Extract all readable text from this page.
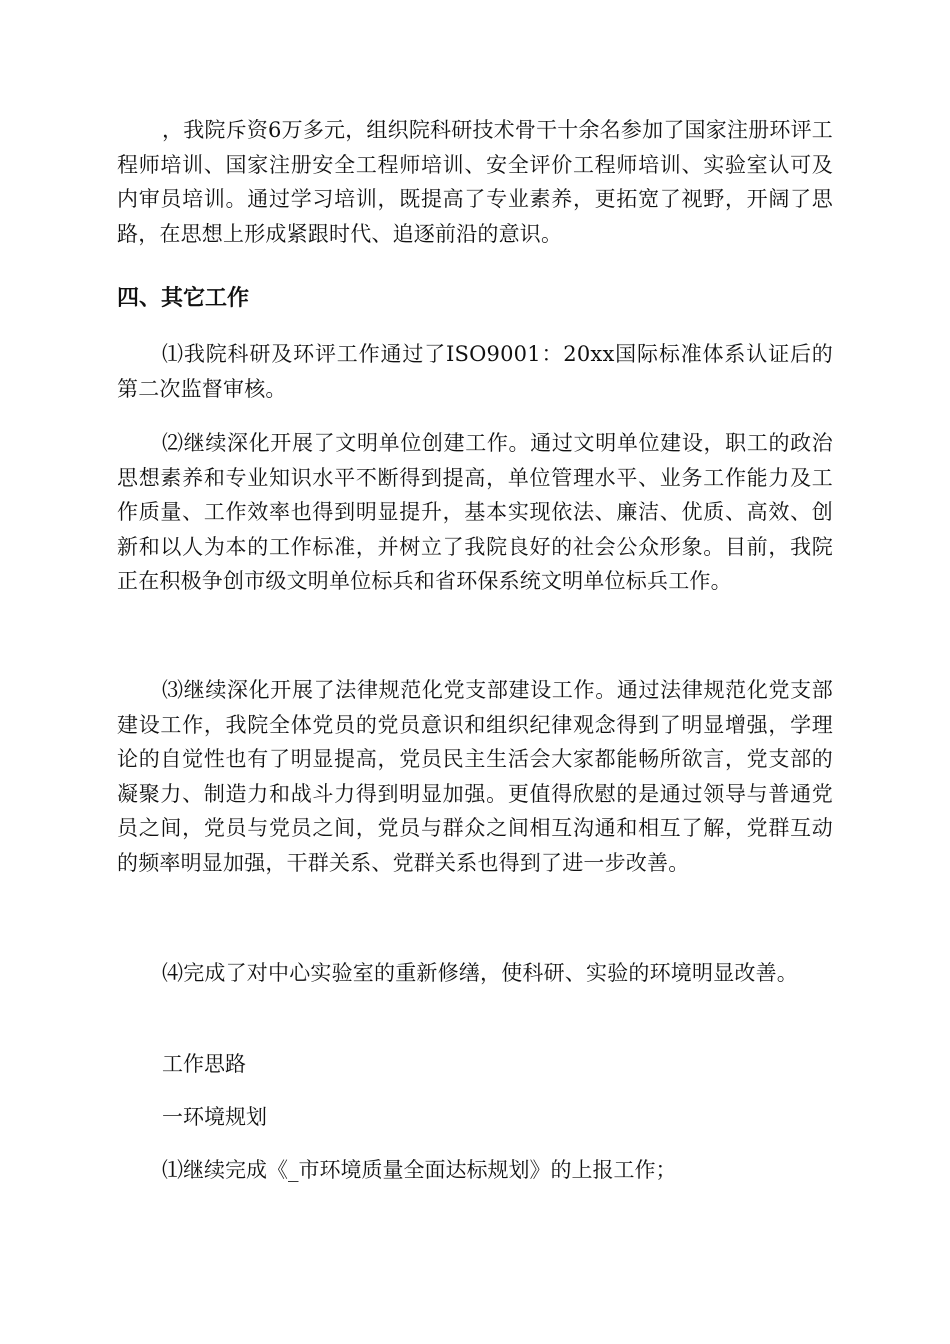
，我院斥资6万多元，组织院科研技术骨干十余名参加了国家注册环评工程师培训、国家注册安全工程师培训、安全评价工程师培训、实验室认可及内审员培训。通过学习培训，既提高了专业素养，更拓宽了视野，开阔了思路，在思想上形成紧跟时代、追逐前沿的意识。

四、其它工作

⑴我院科研及环评工作通过了ISO9001：20xx国际标准体系认证后的第二次监督审核。

⑵继续深化开展了文明单位创建工作。通过文明单位建设，职工的政治思想素养和专业知识水平不断得到提高，单位管理水平、业务工作能力及工作质量、工作效率也得到明显提升，基本实现依法、廉洁、优质、高效、创新和以人为本的工作标准，并树立了我院良好的社会公众形象。目前，我院正在积极争创市级文明单位标兵和省环保系统文明单位标兵工作。

⑶继续深化开展了法律规范化党支部建设工作。通过法律规范化党支部建设工作，我院全体党员的党员意识和组织纪律观念得到了明显增强，学理论的自觉性也有了明显提高，党员民主生活会大家都能畅所欲言，党支部的凝聚力、制造力和战斗力得到明显加强。更值得欣慰的是通过领导与普通党员之间，党员与党员之间，党员与群众之间相互沟通和相互了解，党群互动的频率明显加强，干群关系、党群关系也得到了进一步改善。

⑷完成了对中心实验室的重新修缮，使科研、实验的环境明显改善。

工作思路

一环境规划

⑴继续完成《_市环境质量全面达标规划》的上报工作；
